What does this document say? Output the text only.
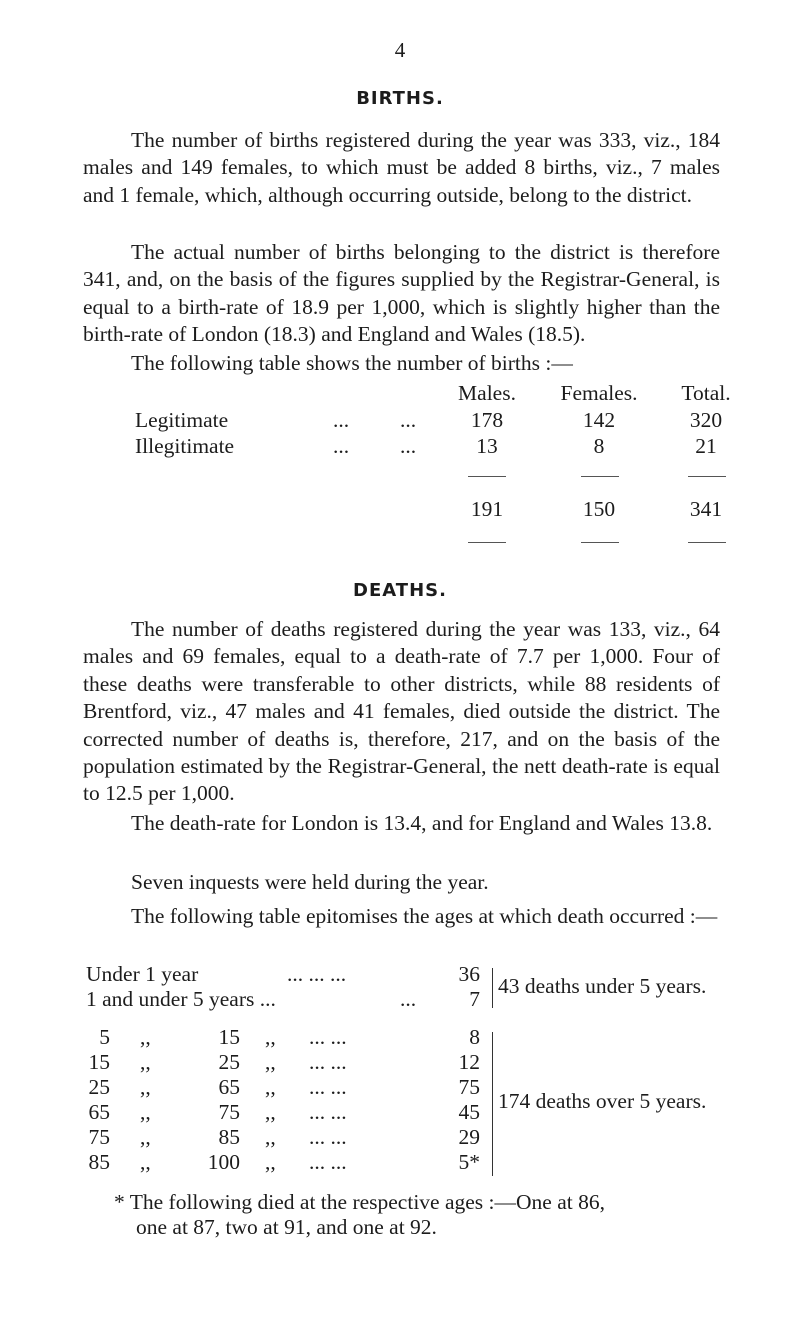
4
BIRTHS.

The number of births registered during the year was 333, viz., 184 males and 149 females, to which must be added 8 births, viz., 7 males and 1 female, which, although occurring outside, belong to the district.

The actual number of births belonging to the district is therefore 341, and, on the basis of the figures supplied by the Registrar-General, is equal to a birth-rate of 18.9 per 1,000, which is slightly higher than the birth-rate of London (18.3) and England and Wales (18.5).

The following table shows the number of births :—

Males.	Females.	Total.
Legitimate	... ...	178	142	320
Illegitimate	... ...	13	8	21
191	150	341
DEATHS.

The number of deaths registered during the year was 133, viz., 64 males and 69 females, equal to a death-rate of 7.7 per 1,000. Four of these deaths were transferable to other districts, while 88 residents of Brentford, viz., 47 males and 41 females, died outside the district. The corrected number of deaths is, therefore, 217, and on the basis of the population estimated by the Registrar-General, the nett death-rate is equal to 12.5 per 1,000.

The death-rate for London is 13.4, and for England and Wales 13.8.

Seven inquests were held during the year.

The following table epitomises the ages at which death occurred :—

Under 1 year	... ... ...	36
1 and under 5 years ...	...	7
43 deaths under 5 years.
5 ,,	15 ,, ... ...	8
15 ,,	25 ,, ... ...	12
25 ,,	65 ,, ... ...	75
65 ,,	75 ,, ... ...	45
75 ,,	85 ,, ... ...	29
85 ,,	100 ,, ... ...	5*
174 deaths over 5 years.
* The following died at the respective ages :—One at 86,
one at 87, two at 91, and one at 92.
